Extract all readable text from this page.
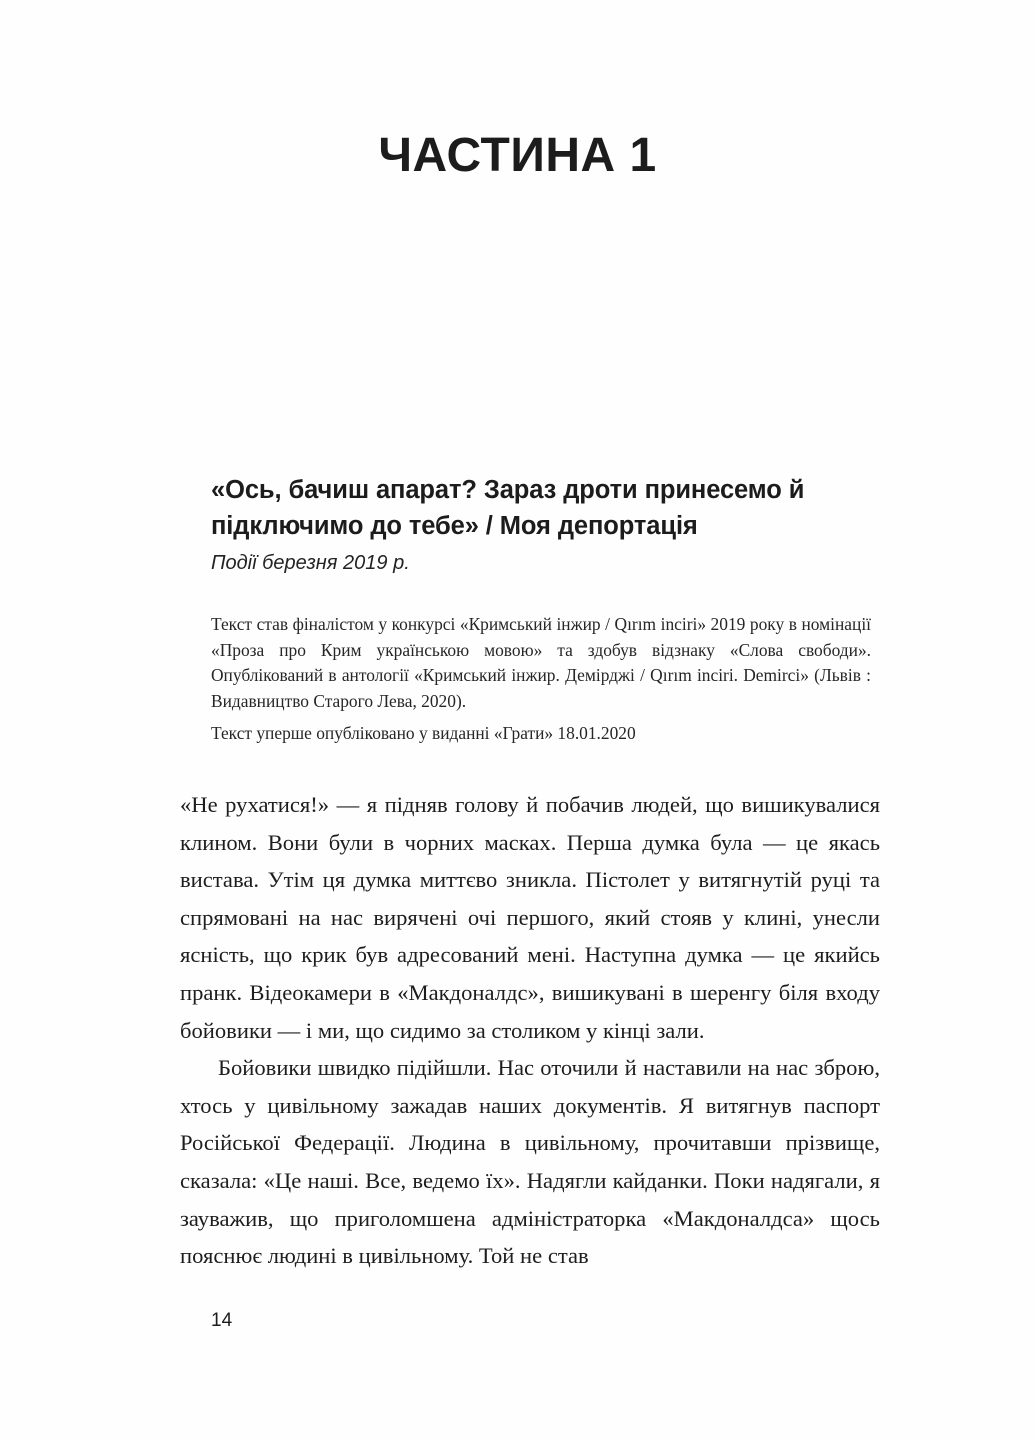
ЧАСТИНА 1
«Ось, бачиш апарат? Зараз дроти принесемо й підключимо до тебе» / Моя депортація
Події березня 2019 р.

Текст став фіналістом у конкурсі «Кримський інжир / Qırım inciri» 2019 року в номінації «Проза про Крим українською мовою» та здобув відзнаку «Слова свободи». Опублікований в антології «Кримський інжир. Демірджі / Qırım inciri. Demirci» (Львів : Видавництво Старого Лева, 2020).

Текст уперше опубліковано у виданні «Грати» 18.01.2020

«Не рухатися!» — я підняв голову й побачив людей, що вишикувалися клином. Вони були в чорних масках. Перша думка була — це якась вистава. Утім ця думка миттєво зникла. Пістолет у витягнутій руці та спрямовані на нас вирячені очі першого, який стояв у клині, унесли ясність, що крик був адресований мені. Наступна думка — це якийсь пранк. Відеокамери в «Макдоналдс», вишикувані в шеренгу біля входу бойовики — і ми, що сидимо за столиком у кінці зали.

Бойовики швидко підійшли. Нас оточили й наставили на нас зброю, хтось у цивільному зажадав наших документів. Я витягнув паспорт Російської Федерації. Людина в цивільному, прочитавши прізвище, сказала: «Це наші. Все, ведемо їх». Надягли кайданки. Поки надягали, я зауважив, що приголомшена адміністраторка «Макдоналдса» щось пояснює людині в цивільному. Той не став

14
